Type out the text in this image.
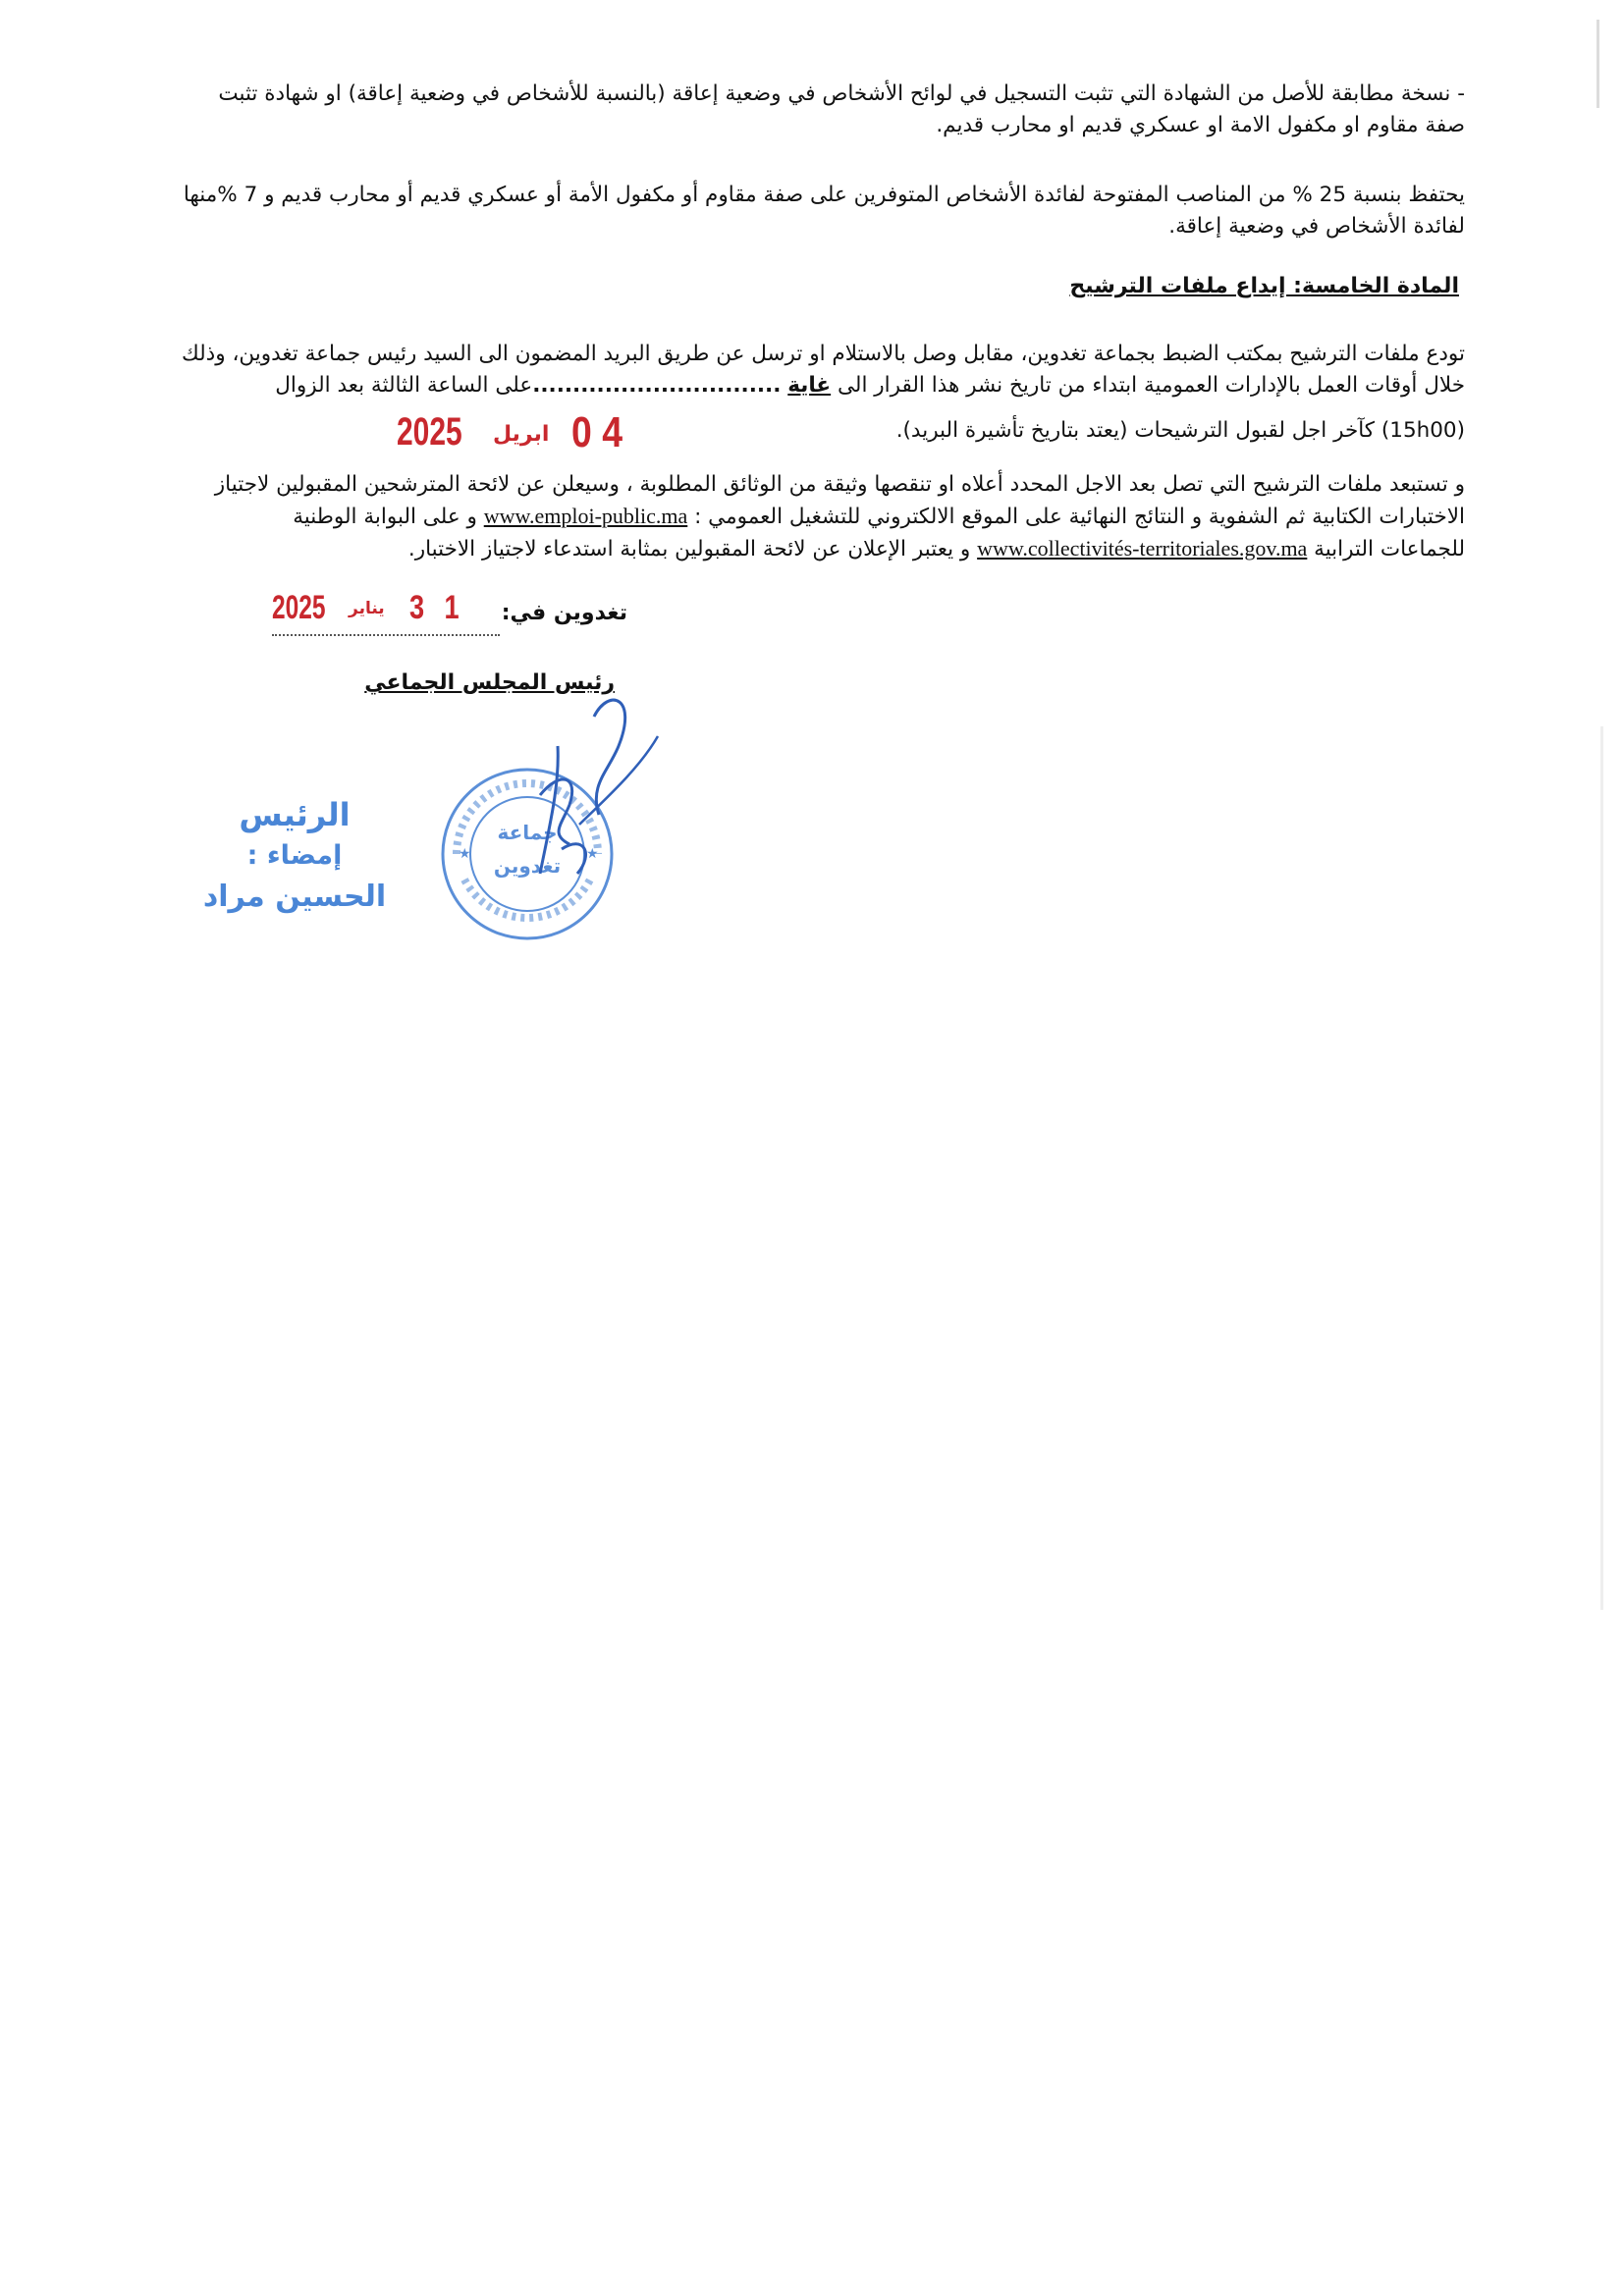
- نسخة مطابقة للأصل من الشهادة التي تثبت التسجيل في لوائح الأشخاص في وضعية إعاقة (بالنسبة للأشخاص في وضعية إعاقة) او شهادة تثبت
صفة مقاوم او مكفول الامة او عسكري قديم او محارب قديم.
يحتفظ بنسبة 25 % من المناصب المفتوحة لفائدة الأشخاص المتوفرين على صفة مقاوم أو مكفول الأمة أو عسكري قديم أو محارب قديم و 7 %منها
لفائدة الأشخاص في وضعية إعاقة.
المادة الخامسة: إيداع ملفات الترشيح
تودع ملفات الترشيح بمكتب الضبط بجماعة تغدوين، مقابل وصل بالاستلام او ترسل عن طريق البريد المضمون الى السيد رئيس جماعة تغدوين، وذلك
خلال أوقات العمل بالإدارات العمومية ابتداء من تاريخ نشر هذا القرار الى غاية ...............................على الساعة الثالثة بعد الزوال
(15h00) كآخر اجل لقبول الترشيحات (يعتد بتاريخ تأشيرة البريد).
2025 ابريل 0 4
و تستبعد ملفات الترشيح التي تصل بعد الاجل المحدد أعلاه او تنقصها وثيقة من الوثائق المطلوبة ، وسيعلن عن لائحة المترشحين المقبولين لاجتياز
الاختبارات الكتابية ثم الشفوية و النتائج النهائية على الموقع الالكتروني للتشغيل العمومي : www.emploi-public.ma و على البوابة الوطنية
للجماعات الترابية www.collectivités-territoriales.gov.ma و يعتبر الإعلان عن لائحة المقبولين بمثابة استدعاء لاجتياز الاختبار.
تغدوين في:
2025 يناير 3 1
رئيس المجلس الجماعي
الرئيس
إمضاء :
الحسين مراد
★	★
جماعة
تغدوين
